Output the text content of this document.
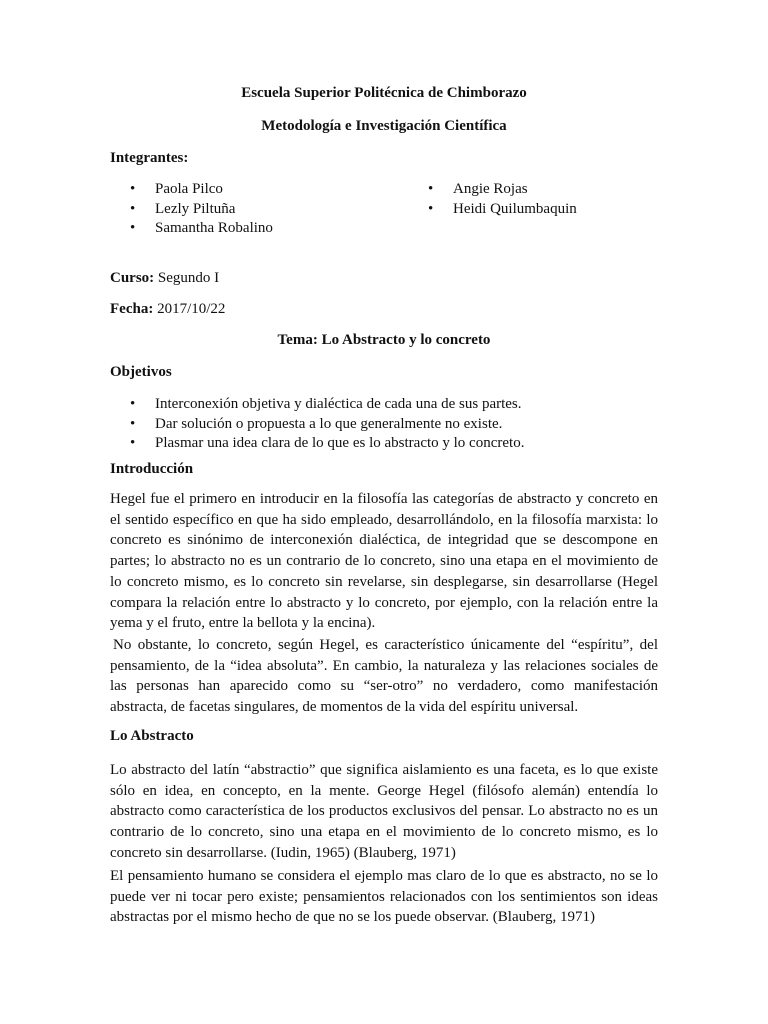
Escuela Superior Politécnica de Chimborazo
Metodología e Investigación Científica
Integrantes:
• Paola Pilco
• Lezly Piltuña
• Samantha Robalino
• Angie Rojas
• Heidi Quilumbaquin
Curso: Segundo I
Fecha: 2017/10/22
Tema: Lo Abstracto y lo concreto
Objetivos
• Interconexión objetiva y dialéctica de cada una de sus partes.
• Dar solución o propuesta a lo que generalmente no existe.
• Plasmar una idea clara de lo que es lo abstracto y lo concreto.
Introducción
Hegel fue el primero en introducir en la filosofía las categorías de abstracto y concreto en el sentido específico en que ha sido empleado, desarrollándolo, en la filosofía marxista: lo concreto es sinónimo de interconexión dialéctica, de integridad que se descompone en partes; lo abstracto no es un contrario de lo concreto, sino una etapa en el movimiento de lo concreto mismo, es lo concreto sin revelarse, sin desplegarse, sin desarrollarse (Hegel compara la relación entre lo abstracto y lo concreto, por ejemplo, con la relación entre la yema y el fruto, entre la bellota y la encina).
No obstante, lo concreto, según Hegel, es característico únicamente del “espíritu”, del pensamiento, de la “idea absoluta”. En cambio, la naturaleza y las relaciones sociales de las personas han aparecido como su “ser-otro” no verdadero, como manifestación abstracta, de facetas singulares, de momentos de la vida del espíritu universal.
Lo Abstracto
Lo abstracto del latín “abstractio” que significa aislamiento es una faceta, es lo que existe sólo en idea, en concepto, en la mente. George Hegel (filósofo alemán) entendía lo abstracto como característica de los productos exclusivos del pensar. Lo abstracto no es un contrario de lo concreto, sino una etapa en el movimiento de lo concreto mismo, es lo concreto sin desarrollarse. (Iudin, 1965) (Blauberg, 1971)
El pensamiento humano se considera el ejemplo mas claro de lo que es abstracto, no se lo puede ver ni tocar pero existe; pensamientos relacionados con los sentimientos son ideas abstractas por el mismo hecho de que no se los puede observar. (Blauberg, 1971)
